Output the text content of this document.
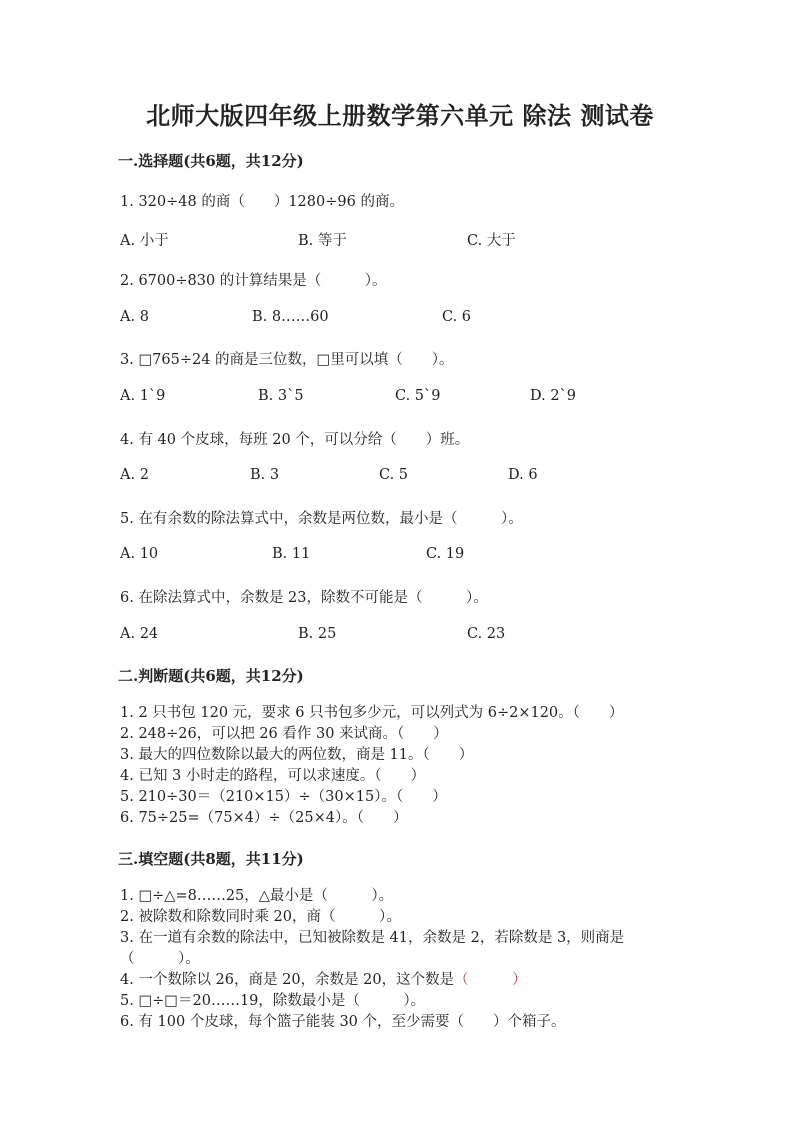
北师大版四年级上册数学第六单元 除法 测试卷
一.选择题(共6题，共12分)
1. 320÷48 的商（　　）1280÷96 的商。
A. 小于	B. 等于	C. 大于
2. 6700÷830 的计算结果是（　　　）。
A. 8	B. 8……60	C. 6
3. □765÷24 的商是三位数，□里可以填（　　）。
A. 1ˋ9	B. 3ˋ5	C. 5ˋ9	D. 2ˋ9
4. 有 40 个皮球，每班 20 个，可以分给（　　）班。
A. 2	B. 3	C. 5	D. 6
5. 在有余数的除法算式中，余数是两位数，最小是（　　　）。
A. 10	B. 11	C. 19
6. 在除法算式中，余数是 23，除数不可能是（　　　）。
A. 24	B. 25	C. 23
二.判断题(共6题，共12分)
1. 2 只书包 120 元，要求 6 只书包多少元，可以列式为 6÷2×120。（　　）
2. 248÷26，可以把 26 看作 30 来试商。（　　）
3. 最大的四位数除以最大的两位数，商是 11。（　　）
4. 已知 3 小时走的路程，可以求速度。（　　）
5. 210÷30＝（210×15）÷（30×15）。（　　）
6. 75÷25=（75×4）÷（25×4）。（　　）
三.填空题(共8题，共11分)
1. □÷△=8……25，△最小是（　　　）。
2. 被除数和除数同时乘 20，商（　　　）。
3. 在一道有余数的除法中，已知被除数是 41，余数是 2，若除数是 3，则商是
（　　　）。
4. 一个数除以 26，商是 20，余数是 20，这个数是（　　　）
5. □÷□＝20……19，除数最小是（　　　）。
6. 有 100 个皮球，每个篮子能装 30 个，至少需要（　　）个箱子。
